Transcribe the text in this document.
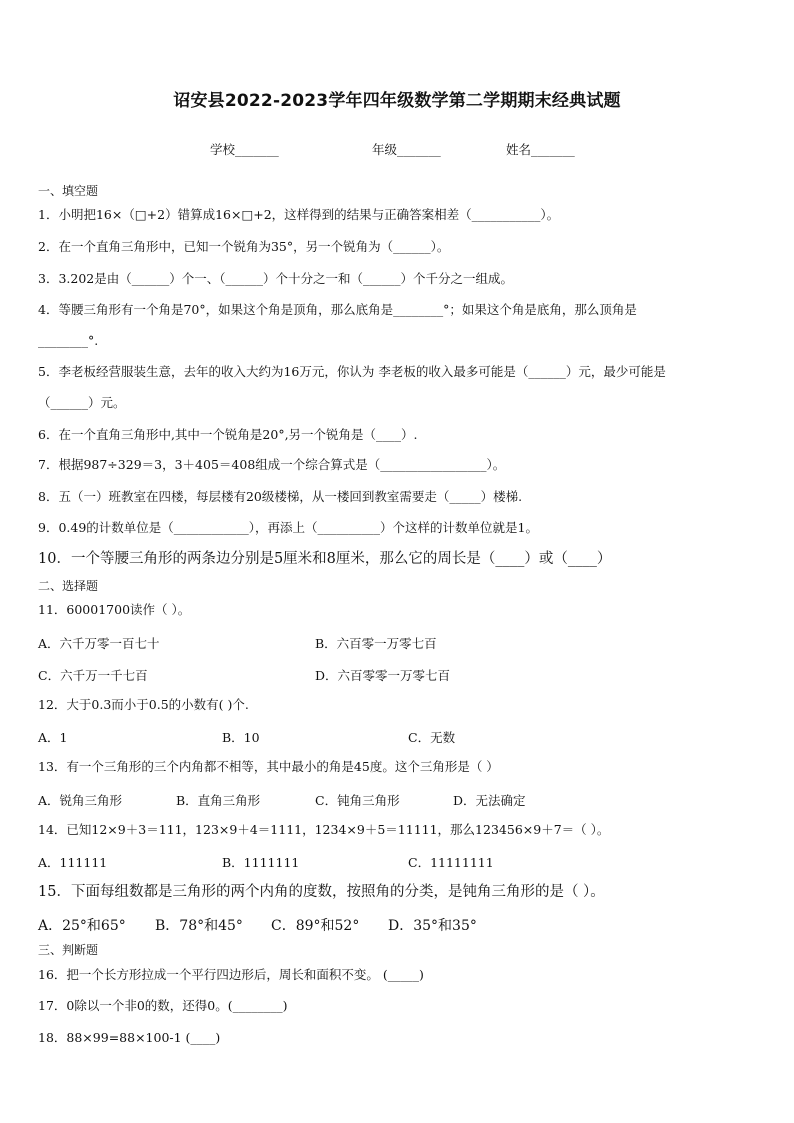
诏安县2022-2023学年四年级数学第二学期期末经典试题
学校_______	年级_______	姓名_______
一、填空题
1．小明把16×（□+2）错算成16×□+2，这样得到的结果与正确答案相差（___________）。
2．在一个直角三角形中，已知一个锐角为35°，另一个锐角为（______）。
3．3.202是由（______）个一、（______）个十分之一和（______）个千分之一组成。
4．等腰三角形有一个角是70°，如果这个角是顶角，那么底角是________°；如果这个角是底角，那么顶角是
________°.
5．李老板经营服装生意，去年的收入大约为16万元，你认为 李老板的收入最多可能是（______）元，最少可能是
（______）元。
6．在一个直角三角形中,其中一个锐角是20°,另一个锐角是（____）.
7．根据987÷329＝3，3＋405＝408组成一个综合算式是（_________________）。
8．五（一）班教室在四楼，每层楼有20级楼梯，从一楼回到教室需要走（_____）楼梯.
9．0.49的计数单位是（____________），再添上（__________）个这样的计数单位就是1。
10．一个等腰三角形的两条边分别是5厘米和8厘米，那么它的周长是（____）或（____）
二、选择题
11．60001700读作（ ）。
A．六千万零一百七十	B．六百零一万零七百
C．六千万一千七百	D．六百零零一万零七百
12．大于0.3而小于0.5的小数有( )个.
A．1	B．10	C．无数
13．有一个三角形的三个内角都不相等，其中最小的角是45度。这个三角形是（ ）
A．锐角三角形	B．直角三角形	C．钝角三角形	D．无法确定
14．已知12×9＋3＝111，123×9＋4＝1111，1234×9＋5＝11111，那么123456×9＋7＝（ ）。
A．111111	B．1111111	C．11111111
15．下面每组数都是三角形的两个内角的度数，按照角的分类，是钝角三角形的是（ ）。
A．25°和65° B．78°和45° C．89°和52° D．35°和35°
三、判断题
16．把一个长方形拉成一个平行四边形后，周长和面积不变。 (_____)
17．0除以一个非0的数，还得0。(________)
18．88×99=88×100-1 (____)
